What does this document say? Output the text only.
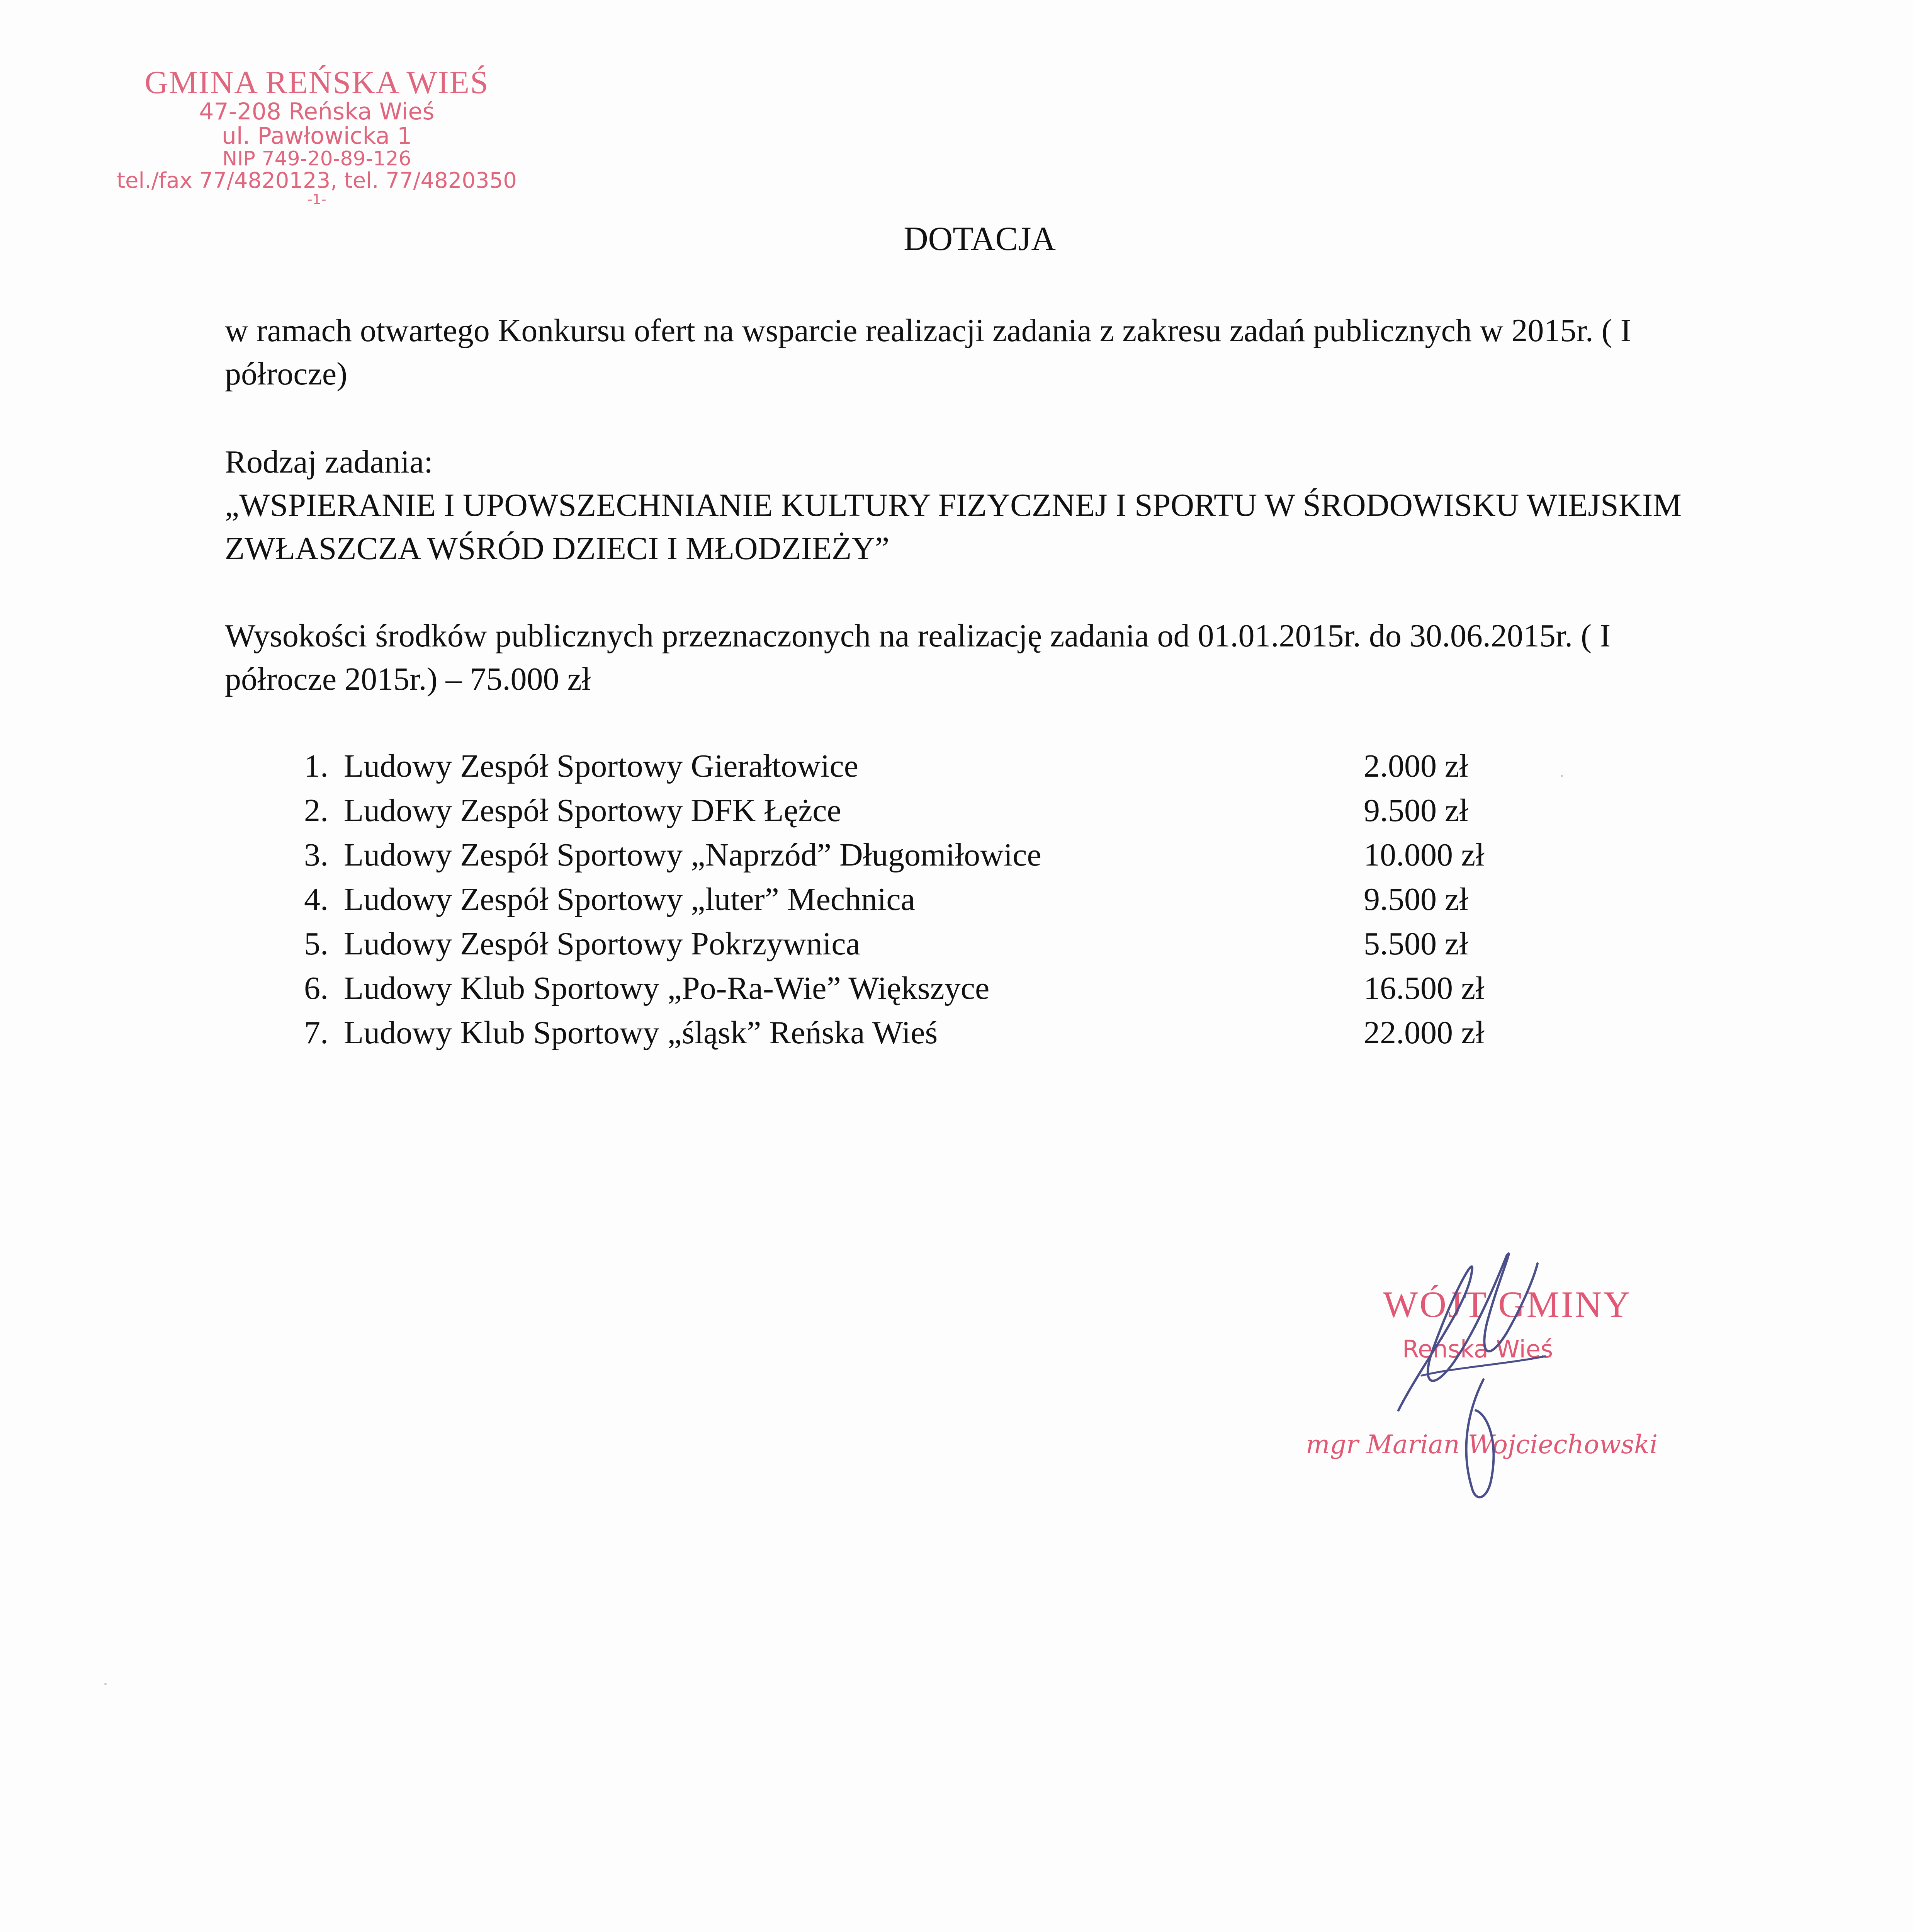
GMINA REŃSKA WIEŚ
47-208 Reńska Wieś
ul. Pawłowicka 1
NIP 749-20-89-126
tel./fax 77/4820123, tel. 77/4820350
-1-
DOTACJA
w ramach otwartego Konkursu ofert na wsparcie realizacji zadania z zakresu zadań publicznych w 2015r. ( I półrocze)
Rodzaj zadania:
„WSPIERANIE I UPOWSZECHNIANIE KULTURY FIZYCZNEJ I SPORTU W ŚRODOWISKU WIEJSKIM ZWŁASZCZA WŚRÓD DZIECI I MŁODZIEŻY”
Wysokości środków publicznych przeznaczonych na realizację zadania od 01.01.2015r. do 30.06.2015r. ( I półrocze 2015r.) – 75.000 zł
1. Ludowy Zespół Sportowy Gierałtowice	2.000 zł
2. Ludowy Zespół Sportowy DFK Łężce	9.500 zł
3. Ludowy Zespół Sportowy „Naprzód” Długomiłowice	10.000 zł
4. Ludowy Zespół Sportowy „luter” Mechnica	9.500 zł
5. Ludowy Zespół Sportowy Pokrzywnica	5.500 zł
6. Ludowy Klub Sportowy „Po-Ra-Wie” Większyce	16.500 zł
7. Ludowy Klub Sportowy „śląsk” Reńska Wieś	22.000 zł
WÓJT GMINY
Reńska Wieś
mgr Marian Wojciechowski
